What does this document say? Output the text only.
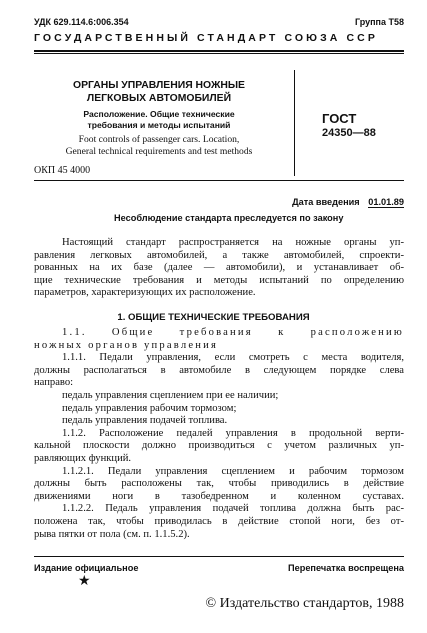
УДК 629.114.6:006.354	Группа Т58
ГОСУДАРСТВЕННЫЙ СТАНДАРТ СОЮЗА ССР
ОРГАНЫ УПРАВЛЕНИЯ НОЖНЫЕ
ЛЕГКОВЫХ АВТОМОБИЛЕЙ
Расположение. Общие технические
требования и методы испытаний
Foot controls of passenger cars. Location,
General technical requirements and test methods
ГОСТ
24350—88
ОКП 45 4000
Дата введения 01.01.89
Несоблюдение стандарта преследуется по закону
Настоящий стандарт распространяется на ножные органы уп-
равления легковых автомобилей, а также автомобилей, спроекти-
рованных на их базе (далее — автомобили), и устанавливает об-
щие технические требования и методы испытаний по определению
параметров, характеризующих их расположение.
1. ОБЩИЕ ТЕХНИЧЕСКИЕ ТРЕБОВАНИЯ
1.1. Общие требования к расположению
ножных органов управления
1.1.1. Педали управления, если смотреть с места водителя,
должны располагаться в автомобиле в следующем порядке слева
направо:
педаль управления сцеплением при ее наличии;
педаль управления рабочим тормозом;
педаль управления подачей топлива.
1.1.2. Расположение педалей управления в продольной верти-
кальной плоскости должно производиться с учетом различных уп-
равляющих функций.
1.1.2.1. Педали управления сцеплением и рабочим тормозом
должны быть расположены так, чтобы приводились в действие
движениями ноги в тазобедренном и коленном суставах.
1.1.2.2. Педаль управления подачей топлива должна быть рас-
положена так, чтобы приводилась в действие стопой ноги, без от-
рыва пятки от пола (см. п. 1.1.5.2).
Издание официальное	Перепечатка воспрещена
★
© Издательство стандартов, 1988
